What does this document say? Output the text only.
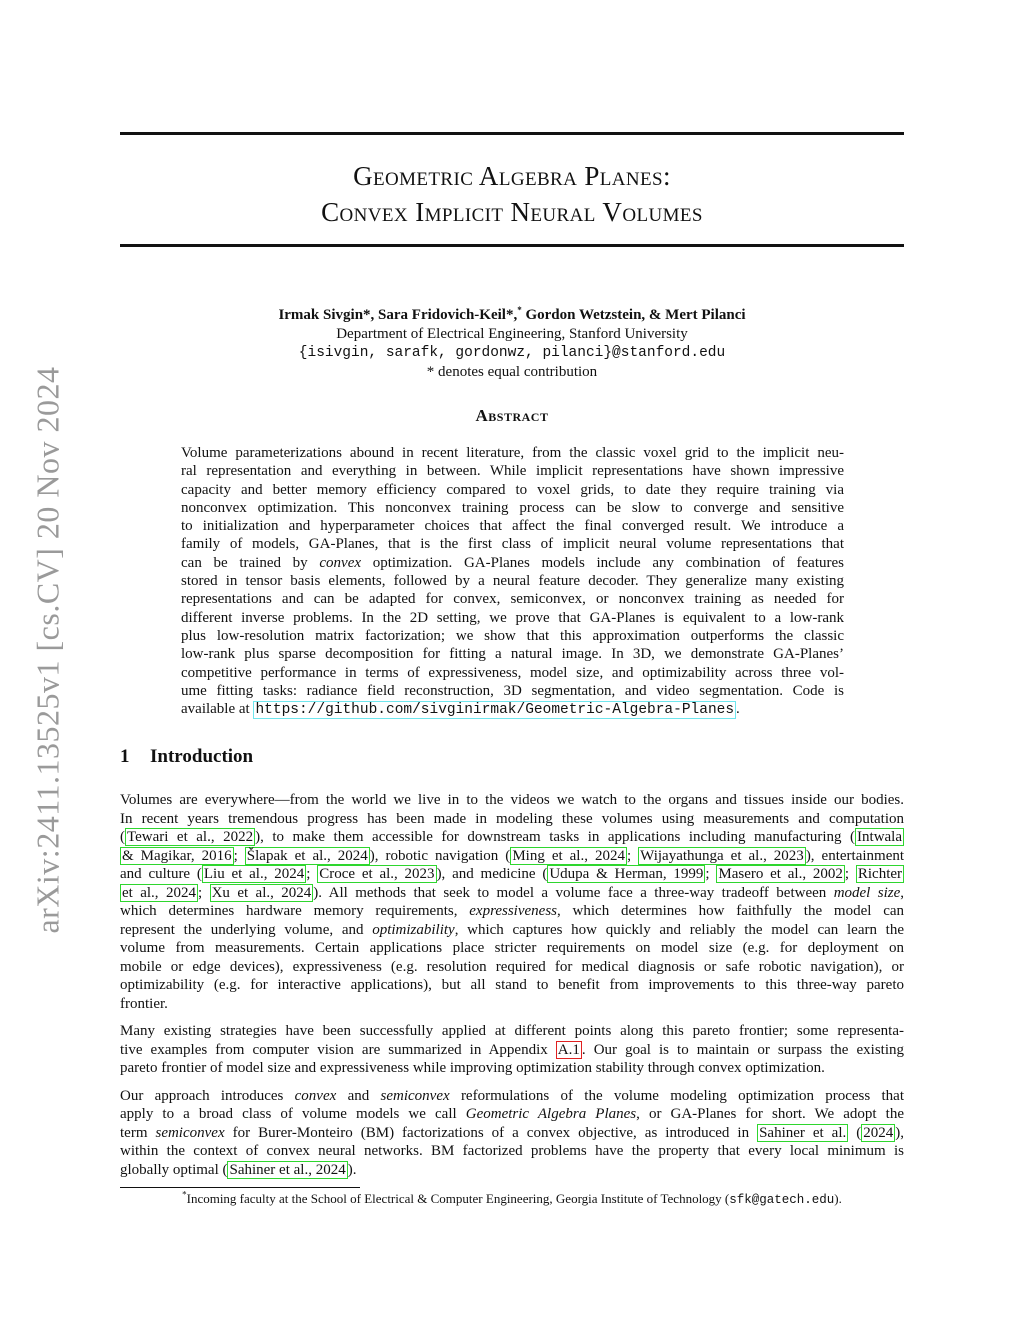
arXiv:2411.13525v1 [cs.CV] 20 Nov 2024
Geometric Algebra Planes:
Convex Implicit Neural Volumes
Irmak Sivgin*, Sara Fridovich-Keil*,* Gordon Wetzstein, & Mert Pilanci
Department of Electrical Engineering, Stanford University
{isivgin, sarafk, gordonwz, pilanci}@stanford.edu
* denotes equal contribution
Abstract
Volume parameterizations abound in recent literature, from the classic voxel grid to the implicit neu-
ral representation and everything in between. While implicit representations have shown impressive
capacity and better memory efficiency compared to voxel grids, to date they require training via
nonconvex optimization. This nonconvex training process can be slow to converge and sensitive
to initialization and hyperparameter choices that affect the final converged result. We introduce a
family of models, GA-Planes, that is the first class of implicit neural volume representations that
can be trained by convex optimization. GA-Planes models include any combination of features
stored in tensor basis elements, followed by a neural feature decoder. They generalize many existing
representations and can be adapted for convex, semiconvex, or nonconvex training as needed for
different inverse problems. In the 2D setting, we prove that GA-Planes is equivalent to a low-rank
plus low-resolution matrix factorization; we show that this approximation outperforms the classic
low-rank plus sparse decomposition for fitting a natural image. In 3D, we demonstrate GA-Planes’
competitive performance in terms of expressiveness, model size, and optimizability across three vol-
ume fitting tasks: radiance field reconstruction, 3D segmentation, and video segmentation. Code is
available at https://github.com/sivginirmak/Geometric-Algebra-Planes .
1 Introduction

Volumes are everywhere—from the world we live in to the videos we watch to the organs and tissues inside our bodies.
In recent years tremendous progress has been made in modeling these volumes using measurements and computation
( Tewari et al., 2022 ), to make them accessible for downstream tasks in applications including manufacturing ( Intwala
& Magikar, 2016 ; Šlapak et al., 2024 ), robotic navigation ( Ming et al., 2024 ; Wijayathunga et al., 2023 ), entertainment
and culture ( Liu et al., 2024 ; Croce et al., 2023 ), and medicine ( Udupa & Herman, 1999 ; Masero et al., 2002 ; Richter
et al., 2024 ; Xu et al., 2024 ). All methods that seek to model a volume face a three-way tradeoff between model size,
which determines hardware memory requirements, expressiveness, which determines how faithfully the model can
represent the underlying volume, and optimizability, which captures how quickly and reliably the model can learn the
volume from measurements. Certain applications place stricter requirements on model size (e.g. for deployment on
mobile or edge devices), expressiveness (e.g. resolution required for medical diagnosis or safe robotic navigation), or
optimizability (e.g. for interactive applications), but all stand to benefit from improvements to this three-way pareto
frontier.

Many existing strategies have been successfully applied at different points along this pareto frontier; some representa-
tive examples from computer vision are summarized in Appendix A.1 . Our goal is to maintain or surpass the existing
pareto frontier of model size and expressiveness while improving optimization stability through convex optimization.

Our approach introduces convex and semiconvex reformulations of the volume modeling optimization process that
apply to a broad class of volume models we call Geometric Algebra Planes, or GA-Planes for short. We adopt the
term semiconvex for Burer-Monteiro (BM) factorizations of a convex objective, as introduced in Sahiner et al. ( 2024 ),
within the context of convex neural networks. BM factorized problems have the property that every local minimum is
globally optimal ( Sahiner et al., 2024 ).

*Incoming faculty at the School of Electrical & Computer Engineering, Georgia Institute of Technology (sfk@gatech.edu).
